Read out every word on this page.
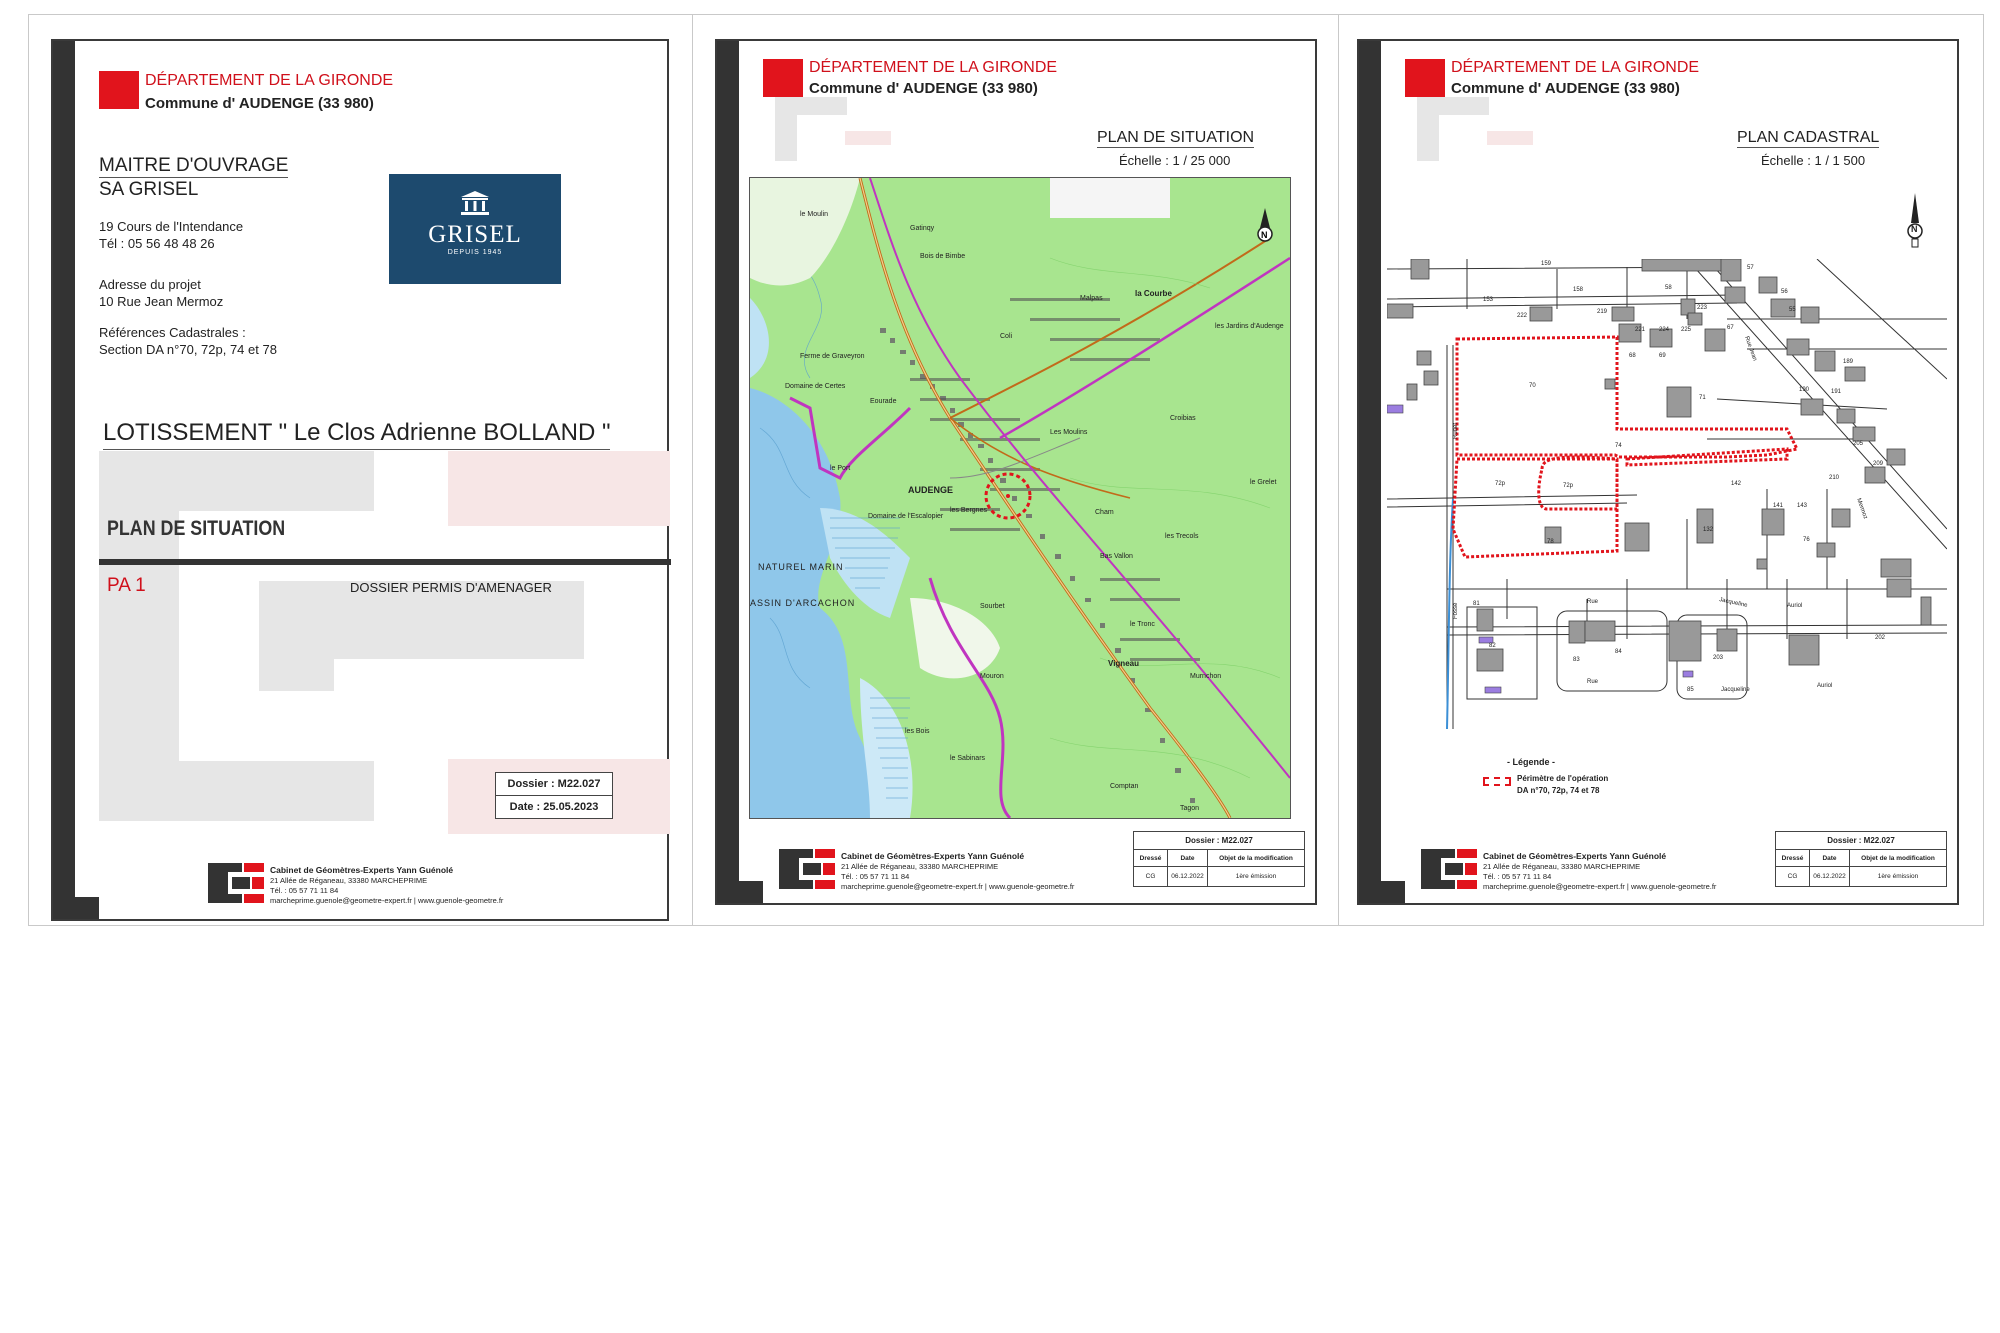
DÉPARTEMENT DE LA GIRONDE
Commune d' AUDENGE (33 980)
MAITRE D'OUVRAGE
SA GRISEL
19 Cours de l'Intendance
Tél : 05 56 48 48 26
Adresse du projet
10 Rue Jean Mermoz
Références Cadastrales :
Section DA n°70, 72p, 74 et 78
GRISEL
DEPUIS 1945
LOTISSEMENT " Le Clos Adrienne BOLLAND "
PLAN DE SITUATION
PA 1	DOSSIER PERMIS D'AMENAGER
Dossier : M22.027
Date : 25.05.2023
Cabinet de Géomètres-Experts Yann Guénolé
21 Allée de Réganeau, 33380 MARCHEPRIME
Tél. : 05 57 71 11 84
marcheprime.guenole@geometre-expert.fr | www.guenole-geometre.fr
DÉPARTEMENT DE LA GIRONDE
Commune d' AUDENGE (33 980)
PLAN DE SITUATION
Échelle : 1 / 25 000
N
le Moulin
Gatinqy
Bois de Bimbe
la Courbe
Malpas
Coli
les Jardins d'Audenge
Ferme de Graveyron
Domaine de Certes
Eourade
Croibias
Les Moulins
le Port
AUDENGE
les Bergnes
Domaine de l'Escalopier
NATUREL MARIN
ASSIN D'ARCACHON
Cham
les Trecols
le Grelet
Bas Vallon
Sourbet
le Tronc
Vigneau
Mouron	Murnchon
les Bois
le Sabinars
Comptan
Tagon
Cabinet de Géomètres-Experts Yann Guénolé
21 Allée de Réganeau, 33380 MARCHEPRIME
Tél. : 05 57 71 11 84
marcheprime.guenole@geometre-expert.fr | www.guenole-geometre.fr
Dossier : M22.027
Dressé	Date	Objet de la modification
CG	06.12.2022	1ère émission
DÉPARTEMENT DE LA GIRONDE
Commune d' AUDENGE (33 980)
PLAN CADASTRAL
Échelle : 1 / 1 500
N
70
71
72p	72p
74
78
142
141 143
132
76
81
82
83
84
85
203
202
153
158
159
222
219
223
221	225
224	67
68	69
56
55
189
190	191
205
210
209
57
58
Rue	Jacqueline	Auriol
Rue
Jacqueline
Auriol
Rue Jean
Mermoz
Rudet
Fossé
- Légende -
Périmètre de l'opération
DA n°70, 72p, 74 et 78
Cabinet de Géomètres-Experts Yann Guénolé
21 Allée de Réganeau, 33380 MARCHEPRIME
Tél. : 05 57 71 11 84
marcheprime.guenole@geometre-expert.fr | www.guenole-geometre.fr
Dossier : M22.027
Dressé	Date	Objet de la modification
CG	06.12.2022	1ère émission
